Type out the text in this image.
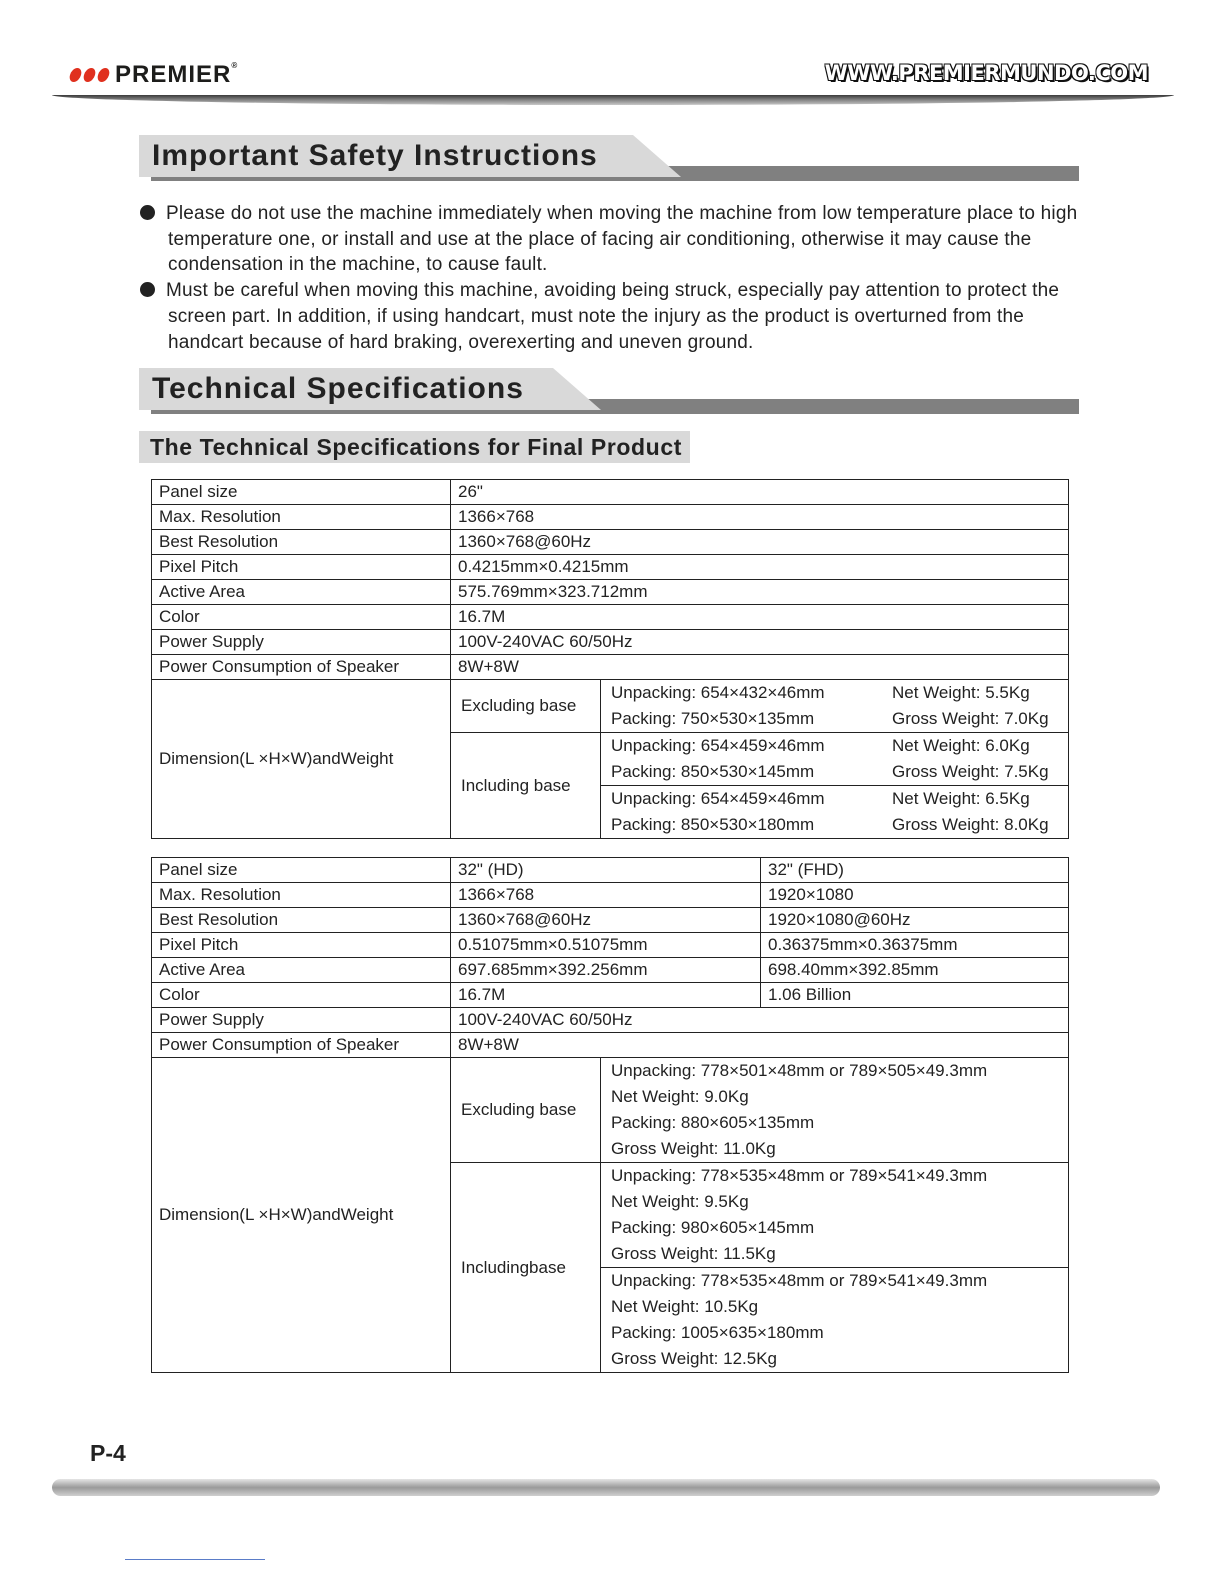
PREMIER®	WWW.PREMIERMUNDO.COM
Important Safety Instructions

Please do not use the machine immediately when moving the machine from low temperature place to high temperature one, or install and use at the place of facing air conditioning, otherwise it may cause the condensation in the machine, to cause fault.

Must be careful when moving this machine, avoiding being struck, especially pay attention to protect the screen part. In addition, if using handcart, must note the injury as the product is overturned from the handcart because of hard braking, overexerting and uneven ground.

Technical Specifications
The Technical Specifications for Final Product
Panel size	26"	
Max. Resolution	1366×768	
Best Resolution	1360×768@60Hz	
Pixel Pitch	0.4215mm×0.4215mm	
Active Area	575.769mm×323.712mm	
Color	16.7M	
Power Supply	100V-240VAC 60/50Hz	
Power Consumption of Speaker	8W+8W	
Dimension(L ×H×W)andWeight	Excluding base	Unpacking: 654×432×46mm Net Weight: 5.5Kg
Packing: 750×530×135mm Gross Weight: 7.0Kg

	Including base	Unpacking: 654×459×46mm Net Weight: 6.0Kg
Packing: 850×530×145mm Gross Weight: 7.5Kg

		Unpacking: 654×459×46mm Net Weight: 6.5Kg
Packing: 850×530×180mm Gross Weight: 8.0Kg
Panel size	32" (HD)		32" (FHD)
Max. Resolution	1366×768		1920×1080
Best Resolution	1360×768@60Hz		1920×1080@60Hz
Pixel Pitch	0.51075mm×0.51075mm		0.36375mm×0.36375mm
Active Area	697.685mm×392.256mm		698.40mm×392.85mm
Color	16.7M		1.06 Billion
Power Supply	100V-240VAC 60/50Hz		
Power Consumption of Speaker	8W+8W		
Dimension(L ×H×W)andWeight	Excluding base	Unpacking: 778×501×48mm or 789×505×49.3mm
Net Weight: 9.0Kg
Packing: 880×605×135mm
Gross Weight: 11.0Kg	

	Includingbase	Unpacking: 778×535×48mm or 789×541×49.3mm
Net Weight: 9.5Kg
Packing: 980×605×145mm
Gross Weight: 11.5Kg	

		Unpacking: 778×535×48mm or 789×541×49.3mm
Net Weight: 10.5Kg
Packing: 1005×635×180mm
Gross Weight: 12.5Kg	
P-4
